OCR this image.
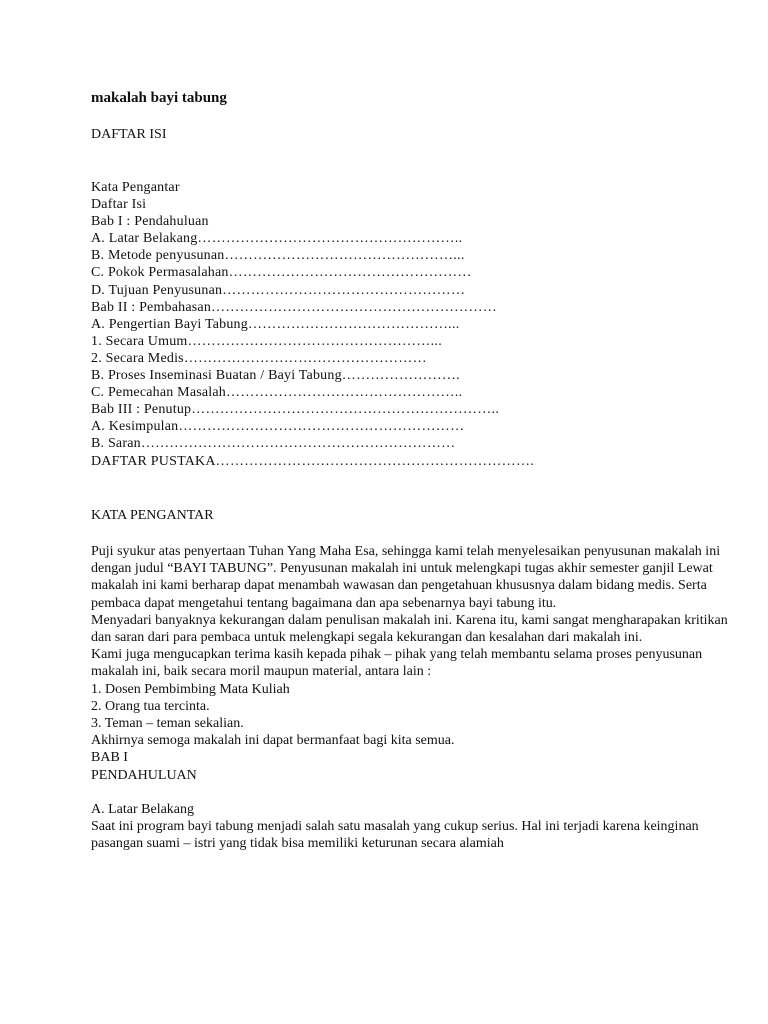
makalah bayi tabung
DAFTAR ISI
Kata Pengantar
Daftar Isi
Bab I : Pendahuluan
A. Latar Belakang………………………………………………..
B. Metode penyusunan…………………………………………...
C. Pokok Permasalahan……………………………………………
D. Tujuan Penyusunan……………………………………………
Bab II : Pembahasan……………………………………………………
A. Pengertian Bayi Tabung……………………………………...
1. Secara Umum……………………………………………...
2. Secara Medis……………………………………………
B. Proses Inseminasi Buatan / Bayi Tabung…………………….
C. Pemecahan Masalah…………………………………………..
Bab III : Penutup………………………………………………………..
A. Kesimpulan……………………………………………………
B. Saran…………………………………………………………
DAFTAR PUSTAKA………………………………………………………….
KATA PENGANTAR

Puji syukur atas penyertaan Tuhan Yang Maha Esa, sehingga kami telah menyelesaikan penyusunan makalah ini dengan judul “BAYI TABUNG”. Penyusunan makalah ini untuk melengkapi tugas akhir semester ganjil Lewat makalah ini kami berharap dapat menambah wawasan dan pengetahuan khususnya dalam bidang medis. Serta pembaca dapat mengetahui tentang bagaimana dan apa sebenarnya bayi tabung itu.

Menyadari banyaknya kekurangan dalam penulisan makalah ini. Karena itu, kami sangat mengharapakan kritikan dan saran dari para pembaca untuk melengkapi segala kekurangan dan kesalahan dari makalah ini.

Kami juga mengucapkan terima kasih kepada pihak – pihak yang telah membantu selama proses penyusunan makalah ini, baik secara moril maupun material, antara lain :

1. Dosen Pembimbing Mata Kuliah

2. Orang tua tercinta.

3. Teman – teman sekalian.

Akhirnya semoga makalah ini dapat bermanfaat bagi kita semua.

BAB I

PENDAHULUAN

A. Latar Belakang

Saat ini program bayi tabung menjadi salah satu masalah yang cukup serius. Hal ini terjadi karena keinginan pasangan suami – istri yang tidak bisa memiliki keturunan secara alamiah
